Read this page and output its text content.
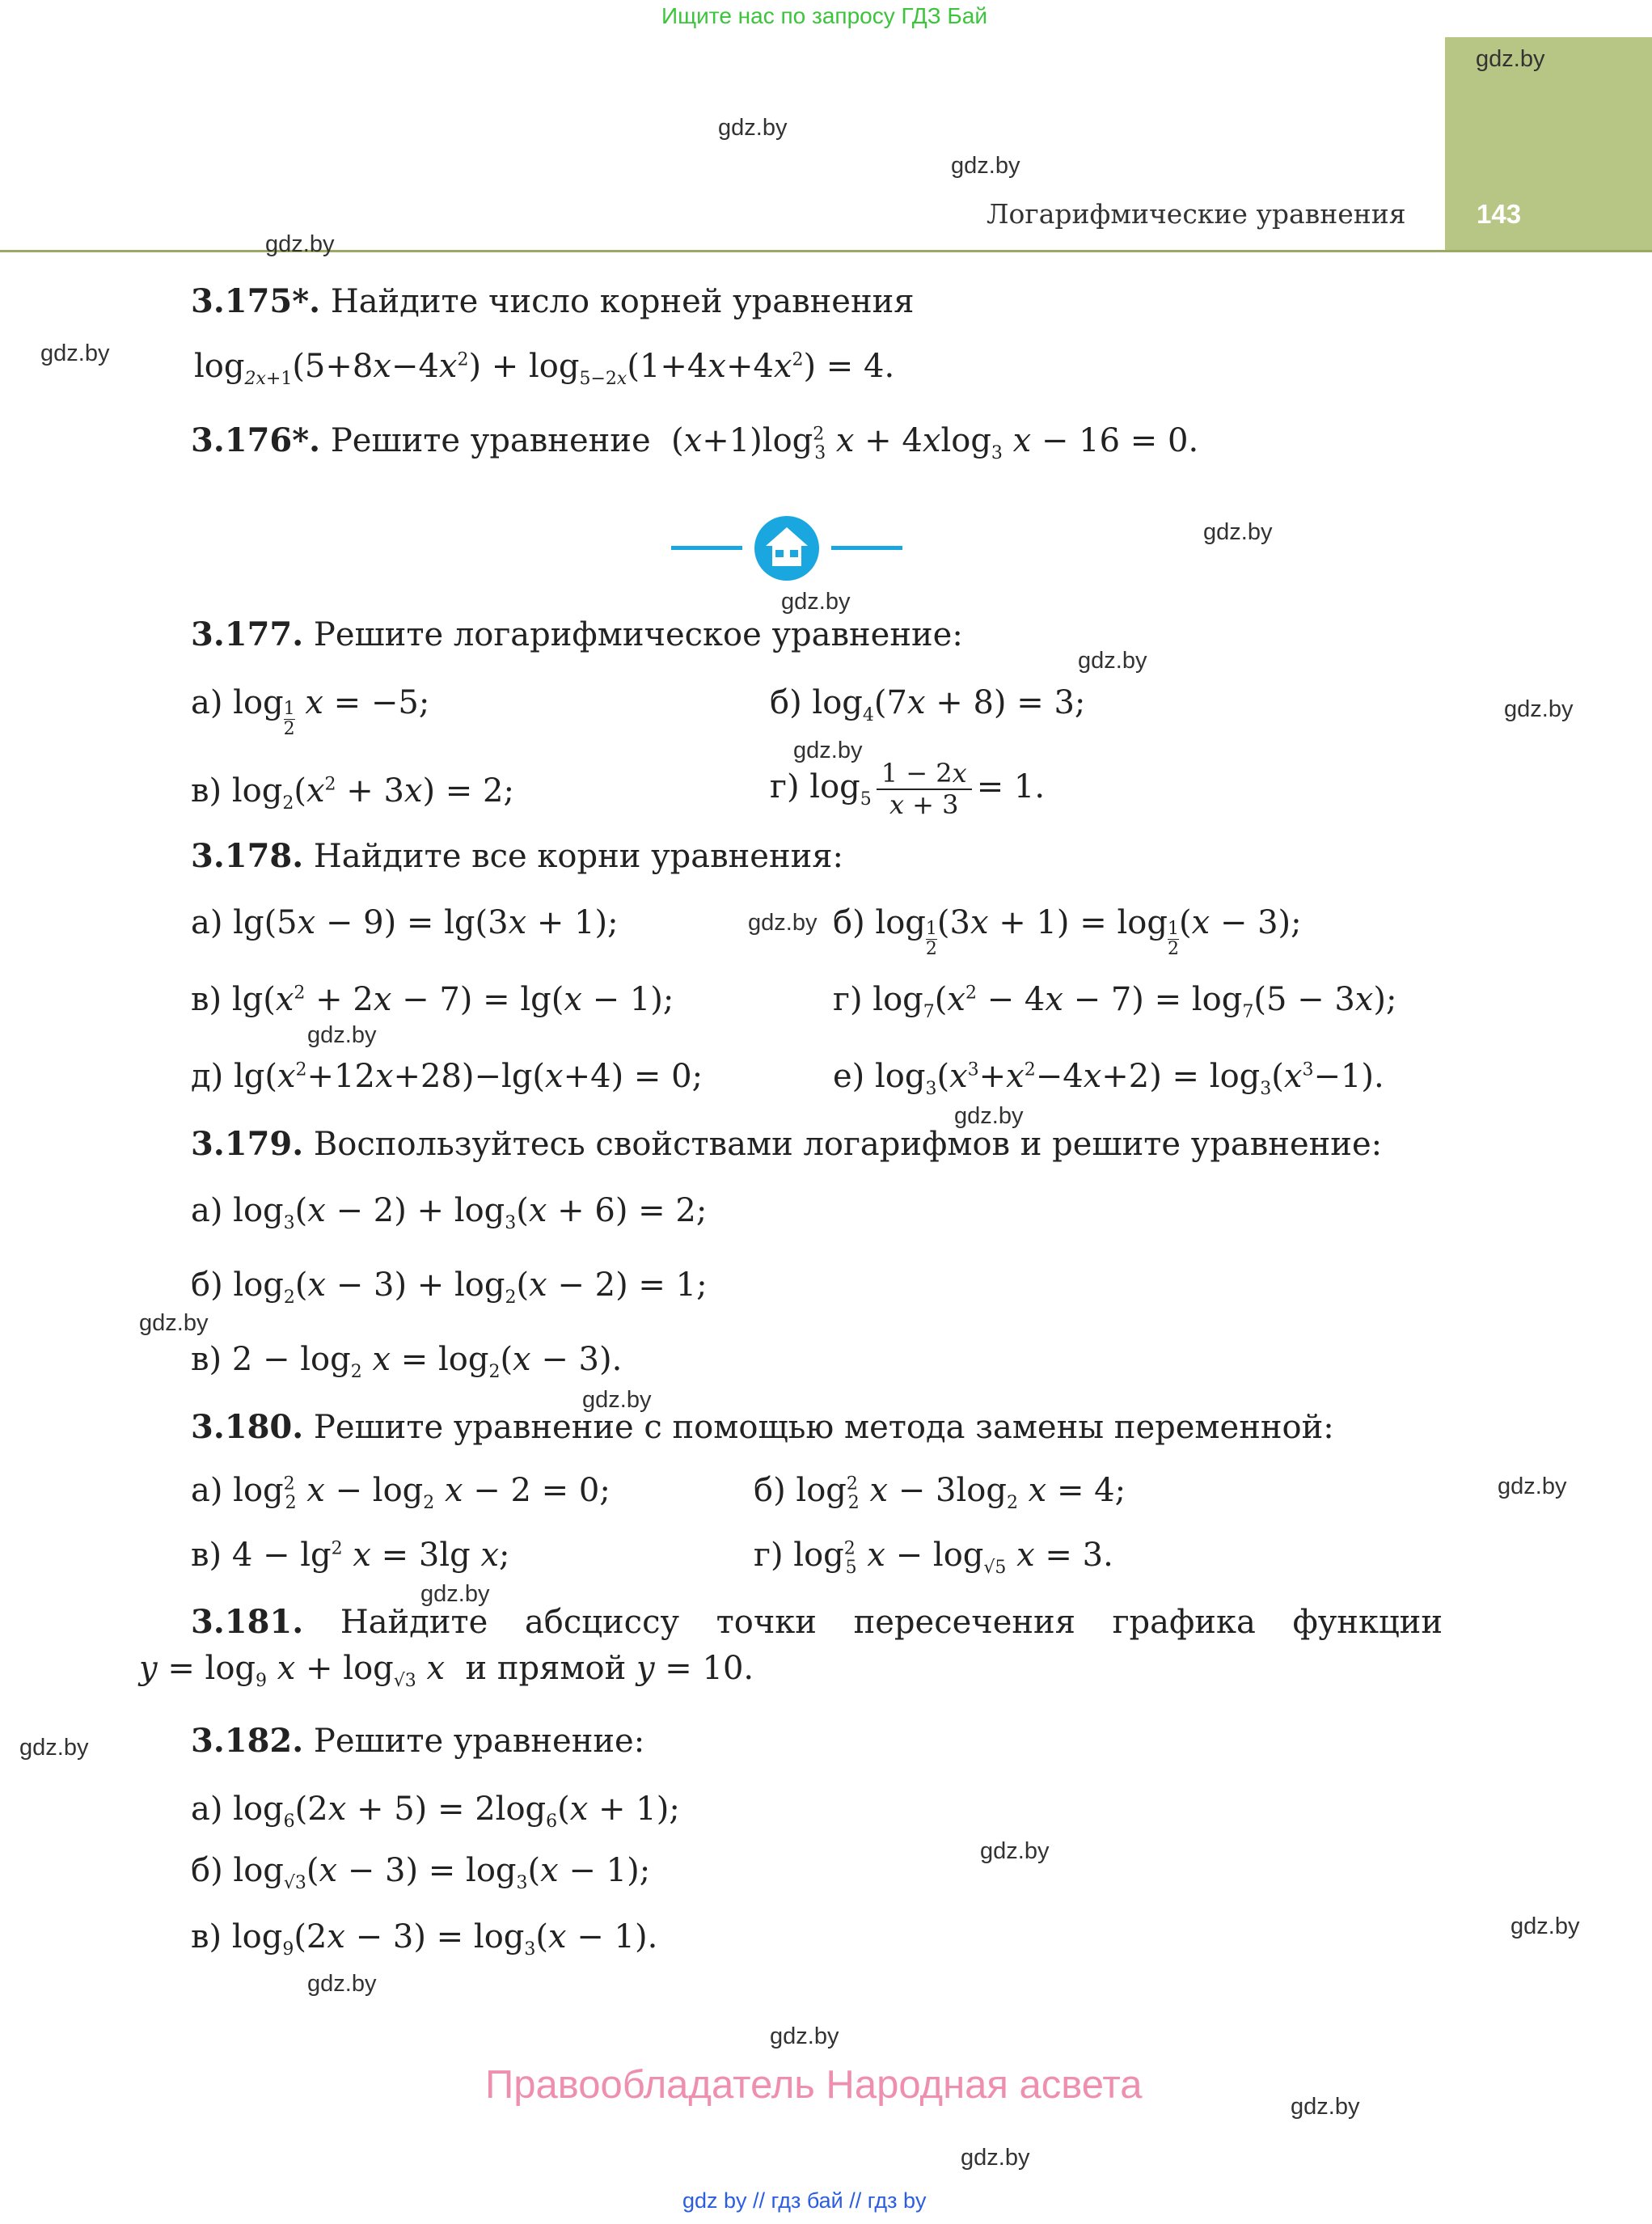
Ищите нас по запросу ГДЗ Бай
Логарифмические уравнения	143
gdz.by
gdz.by
gdz.by
gdz.by
gdz.by
gdz.by
gdz.by
gdz.by
gdz.by
gdz.by
gdz.by
gdz.by
gdz.by
gdz.by
gdz.by
gdz.by
gdz.by
gdz.by
gdz.by
gdz.by
gdz.by
gdz.by
gdz.by
gdz.by
3.175*. Найдите число корней уравнения
$\log_{2x+1}(5+8x-4x^2) + \log_{5-2x}(1+4x+4x^2) = 4$.
3.176*. Решите уравнение  $(x+1)\log^2_3$ x + 4xlog$_3$ x − 16 = 0.
3.177. Решите логарифмическое уравнение:
а) $\log \frac{1}{2}$ x = −5;	б) $\log_4(7x + 8) = 3$;
в) $\log_2(x^2 + 3x) = 2$;	г) $\log_5 \frac{1 - 2x}{x + 3} = 1$.
3.178. Найдите все корни уравнения:
а) lg(5x − 9) = lg(3x + 1);	б) $\log \frac{1}{2} (3x + 1) = \log \frac{1}{2} (x - 3)$;
в) $\lg(x^2 + 2x - 7) = \lg(x - 1)$;	г) $\log_7(x^2 - 4x - 7) = \log_7(5 - 3x)$;
д) $\lg(x^2+12x+28)-\lg(x+4) = 0$;	е) $\log_3(x^3+x^2-4x+2) = \log_3(x^3-1)$.
3.179. Воспользуйтесь свойствами логарифмов и решите уравнение:
а) $\log_3(x - 2) + \log_3(x + 6) = 2$;
б) $\log_2(x - 3) + \log_2(x - 2) = 1$;
в) $2 - \log_2 x = \log_2(x - 3)$.
3.180. Решите уравнение с помощью метода замены переменной:
а) $\log^2_2 x - \log_2 x - 2 = 0$;	б) $\log^2_2 x - 3\log_2$ x = 4;
в) $4 - \lg^2 x = 3\lg$ x;	г) $\log^2_5 x - \log_{√5} x = 3$.
3.181. Найдите абсциссу точки пересечения графика функции
$y = \log_9 x + \log_{√3} x$ и прямой y = 10.
3.182. Решите уравнение:
а) $\log_6(2x + 5) = 2\log_6(x + 1)$;
б) $\log_{√3}(x - 3) = \log_3(x - 1)$;
в) $\log_9(2x - 3) = \log_3(x - 1)$.
Правообладатель Народная асвета
gdz by // гдз бай // гдз by
